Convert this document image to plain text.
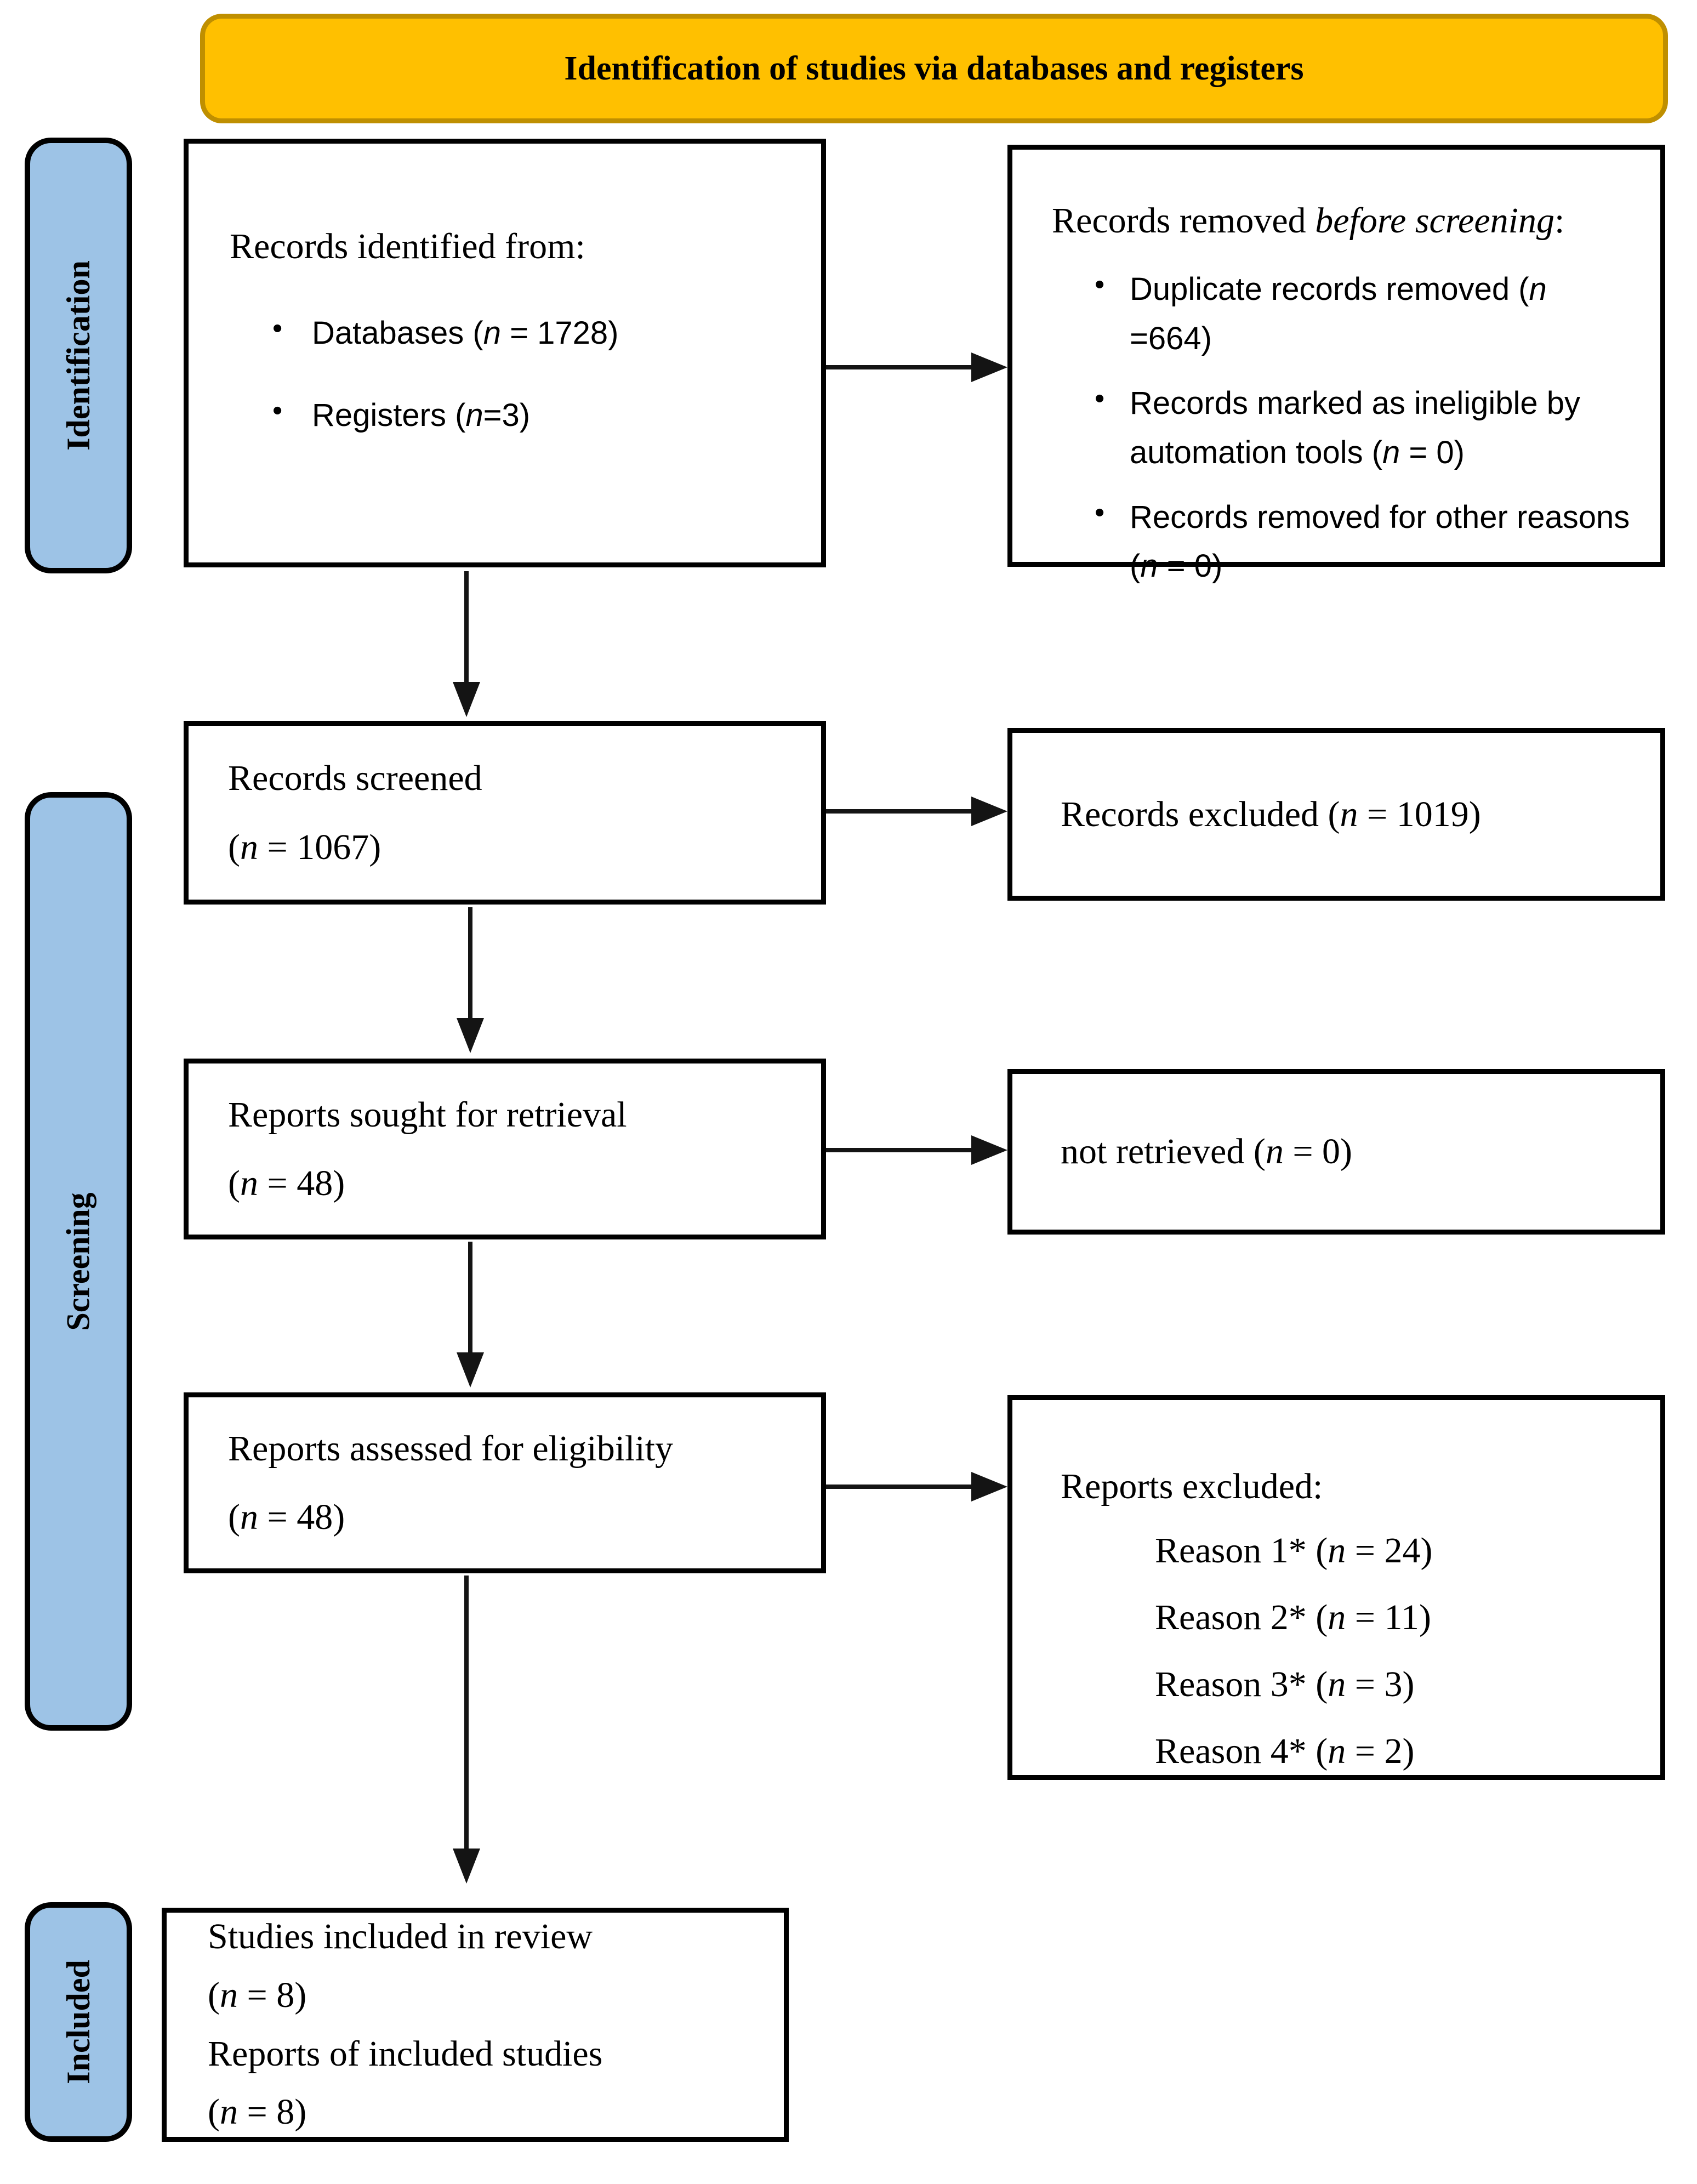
Identification of studies via databases and registers
Identification
Screening
Included
Records identified from:
• Databases (n = 1728)
• Registers (n=3)
Records removed before screening:
• Duplicate records removed (n =664)
• Records marked as ineligible by automation tools (n = 0)
• Records removed for other reasons (n = 0)
Records screened
(n = 1067)
Records excluded (n = 1019)
Reports sought for retrieval
(n = 48)
not retrieved (n = 0)
Reports assessed for eligibility
(n = 48)
Reports excluded:
Reason 1* (n = 24)
Reason 2* (n = 11)
Reason 3* (n = 3)
Reason 4* (n = 2)
Studies included in review
(n = 8)
Reports of included studies
(n = 8)
